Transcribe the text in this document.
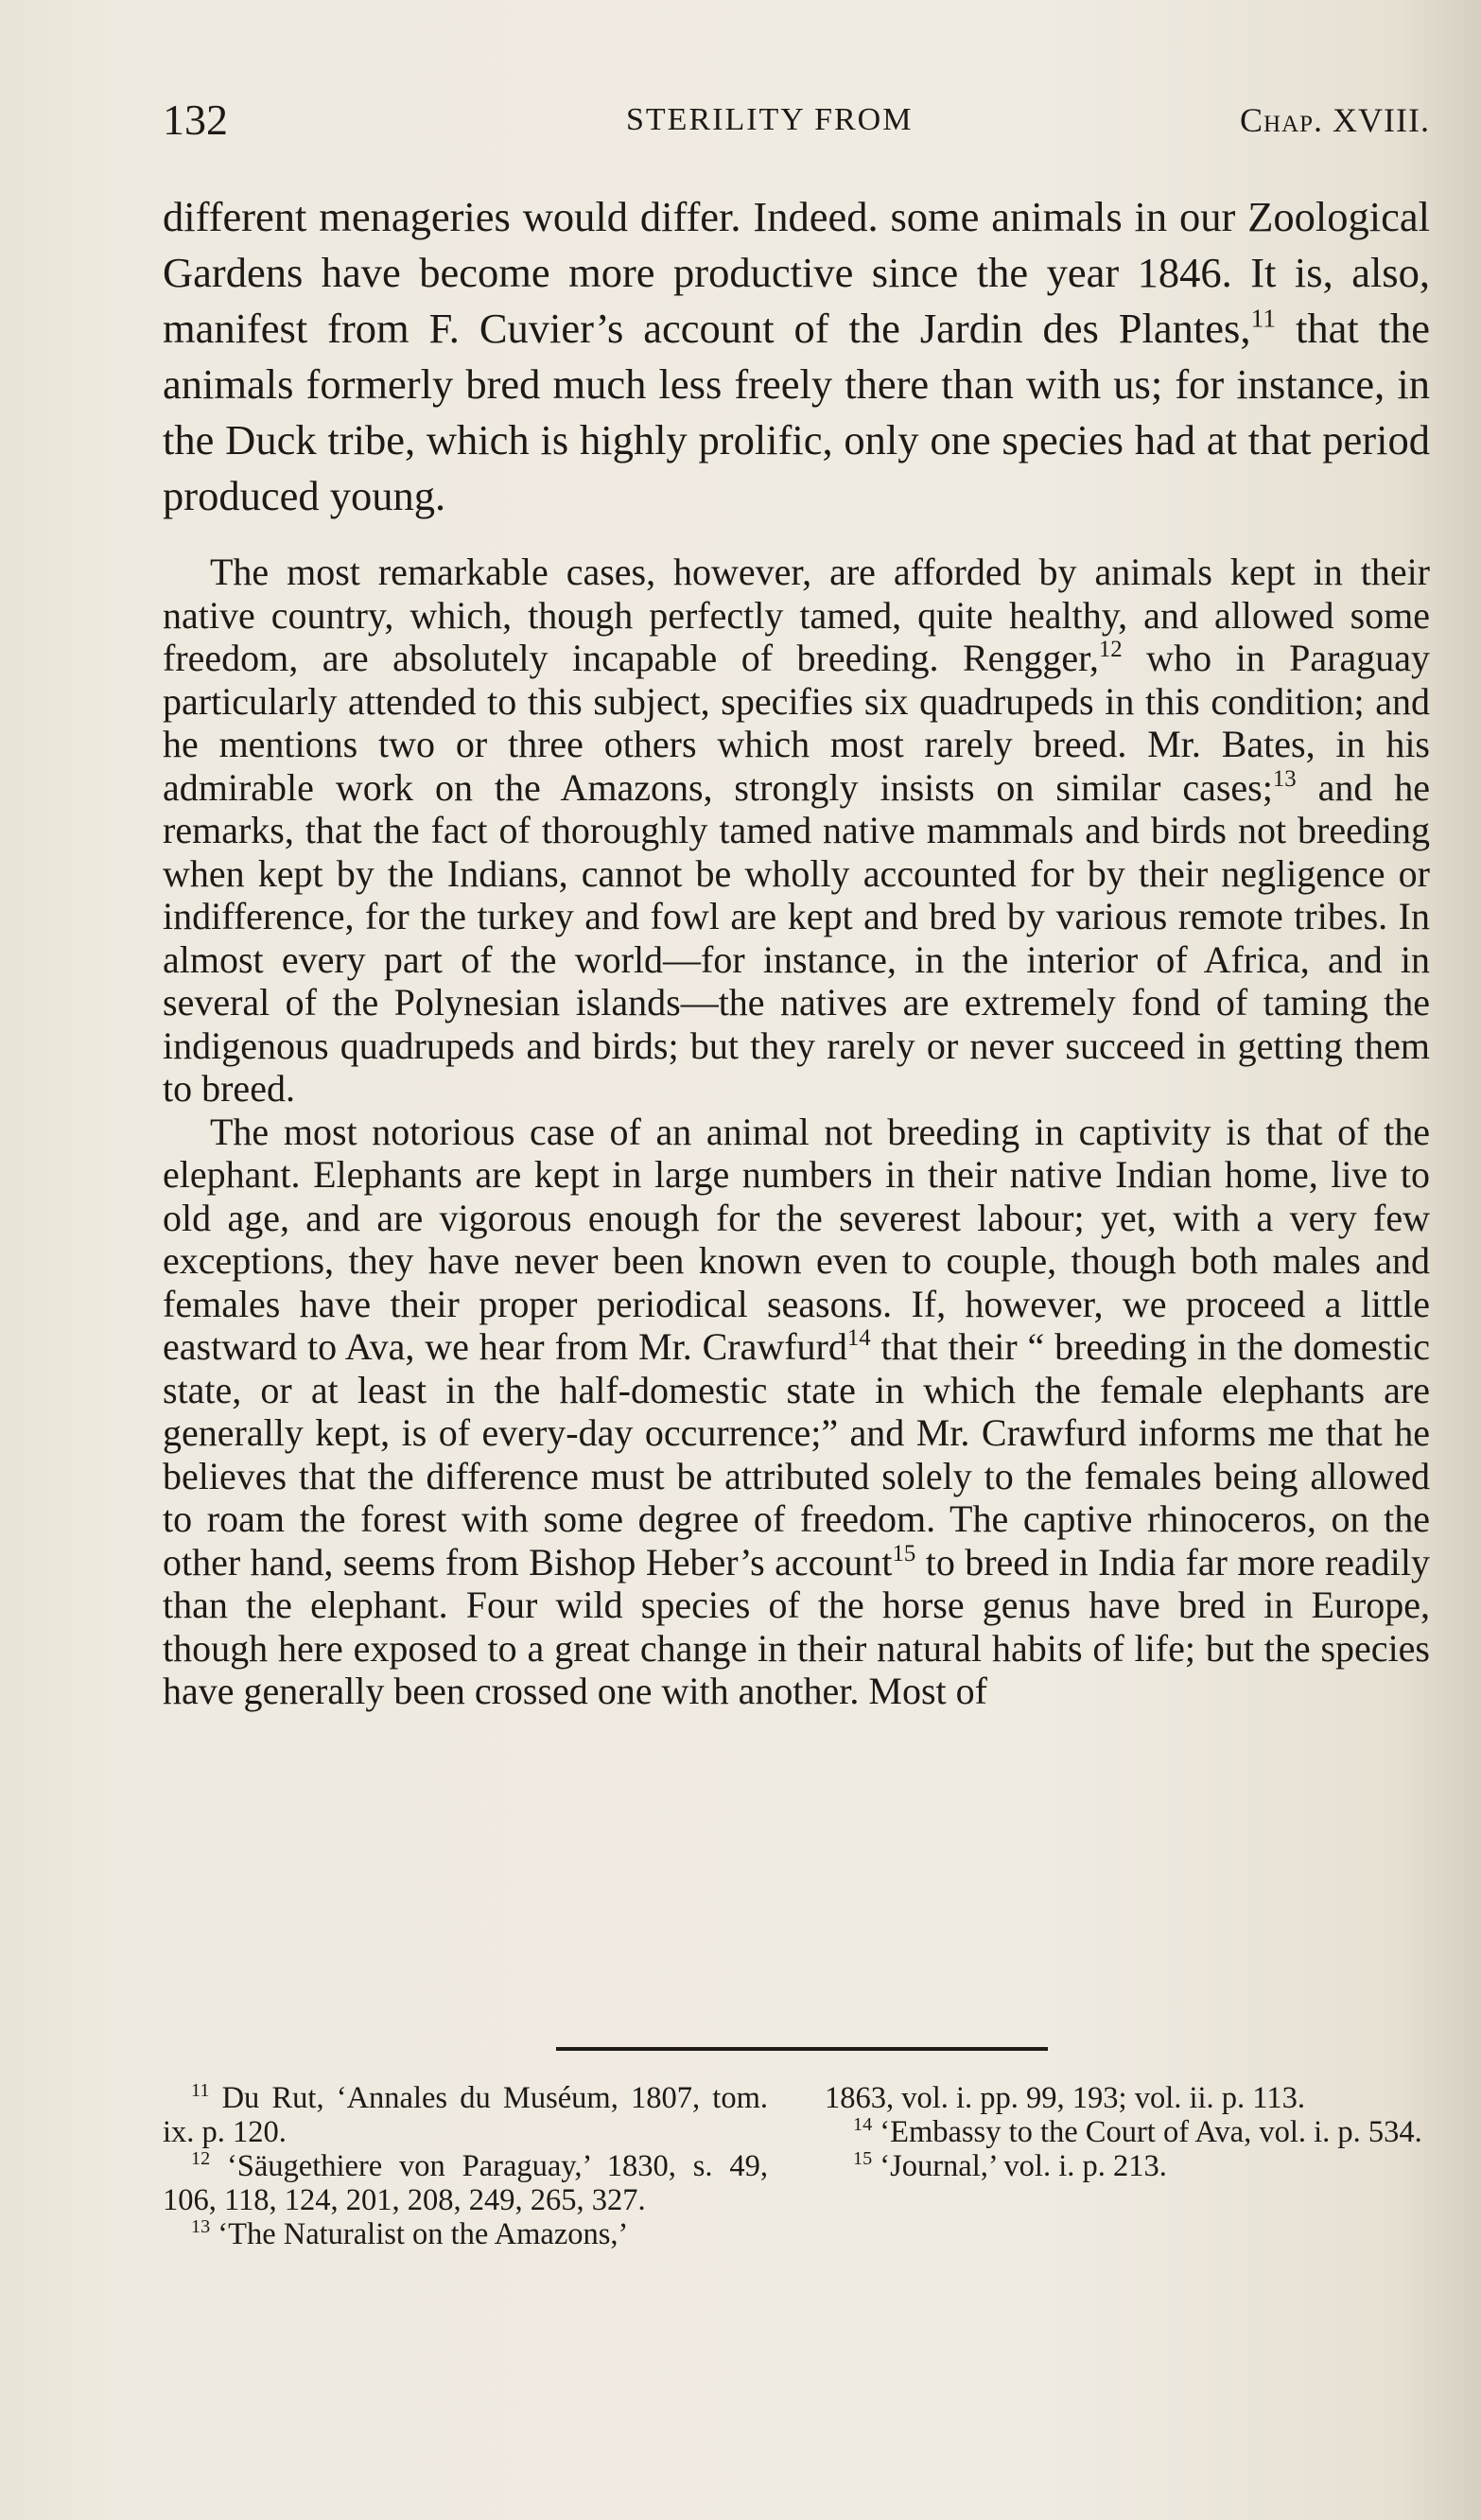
132	STERILITY FROM	Chap. XVIII.

different menageries would differ. Indeed. some animals in our Zoological Gardens have become more productive since the year 1846. It is, also, manifest from F. Cuvier’s account of the Jardin des Plantes,$^{11}$ that the animals formerly bred much less freely there than with us; for instance, in the Duck tribe, which is highly prolific, only one species had at that period produced young.

The most remarkable cases, however, are afforded by animals kept in their native country, which, though perfectly tamed, quite healthy, and allowed some freedom, are absolutely incapable of breeding. Rengger,$^{12}$ who in Paraguay particularly attended to this subject, specifies six quadrupeds in this condition; and he mentions two or three others which most rarely breed. Mr. Bates, in his admirable work on the Amazons, strongly insists on similar cases;$^{13}$ and he remarks, that the fact of thoroughly tamed native mammals and birds not breeding when kept by the Indians, cannot be wholly accounted for by their negligence or indifference, for the turkey and fowl are kept and bred by various remote tribes. In almost every part of the world—for instance, in the interior of Africa, and in several of the Polynesian islands—the natives are extremely fond of taming the indigenous quadrupeds and birds; but they rarely or never succeed in getting them to breed.

The most notorious case of an animal not breeding in captivity is that of the elephant. Elephants are kept in large numbers in their native Indian home, live to old age, and are vigorous enough for the severest labour; yet, with a very few exceptions, they have never been known even to couple, though both males and females have their proper periodical seasons. If, however, we proceed a little eastward to Ava, we hear from Mr. Crawfurd$^{14}$ that their “ breeding in the domestic state, or at least in the half-domestic state in which the female elephants are generally kept, is of every-day occurrence;” and Mr. Crawfurd informs me that he believes that the difference must be attributed solely to the females being allowed to roam the forest with some degree of freedom. The captive rhinoceros, on the other hand, seems from Bishop Heber’s account$^{15}$ to breed in India far more readily than the elephant. Four wild species of the horse genus have bred in Europe, though here exposed to a great change in their natural habits of life; but the species have generally been crossed one with another. Most of

$^{11}$ Du Rut, ‘Annales du Muséum, 1807, tom. ix. p. 120.

$^{12}$ ‘Säugethiere von Paraguay,’ 1830, s. 49, 106, 118, 124, 201, 208, 249, 265, 327.

$^{13}$ ‘The Naturalist on the Amazons,’

1863, vol. i. pp. 99, 193; vol. ii. p. 113.

$^{14}$ ‘Embassy to the Court of Ava, vol. i. p. 534.

$^{15}$ ‘Journal,’ vol. i. p. 213.
